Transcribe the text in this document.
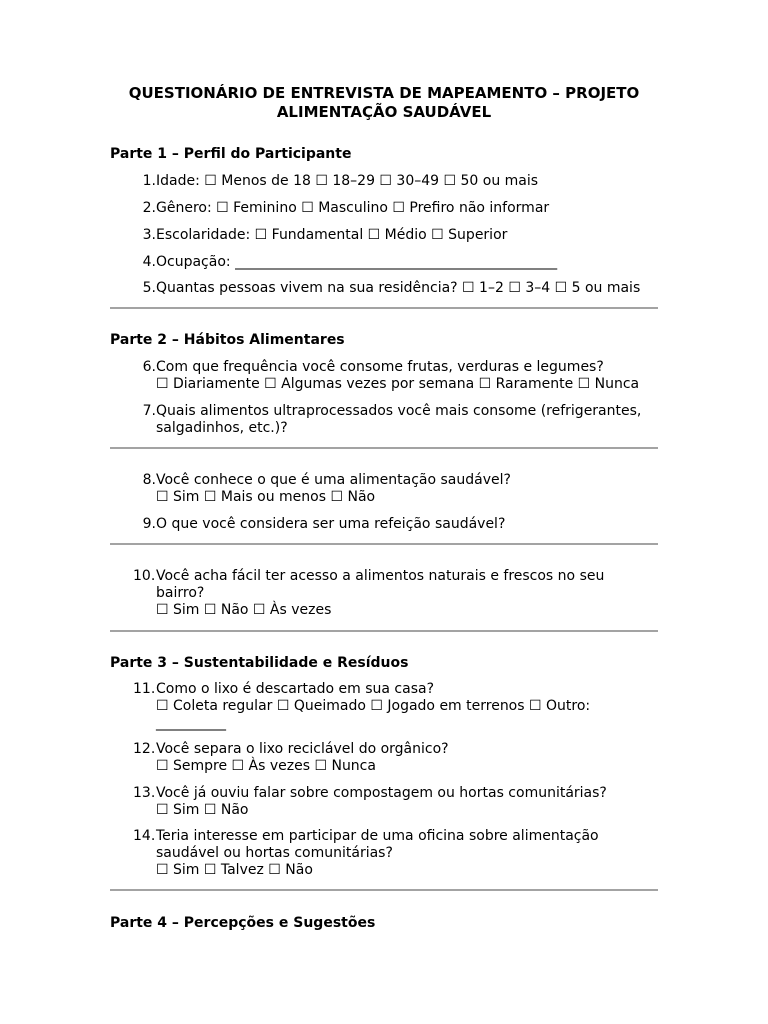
QUESTIONÁRIO DE ENTREVISTA DE MAPEAMENTO – PROJETO
ALIMENTAÇÃO SAUDÁVEL
Parte 1 – Perfil do Participante
1. Idade: ☐ Menos de 18 ☐ 18–29 ☐ 30–49 ☐ 50 ou mais
2. Gênero: ☐ Feminino ☐ Masculino ☐ Prefiro não informar
3. Escolaridade: ☐ Fundamental ☐ Médio ☐ Superior
4. Ocupação: ______________________________________________
5. Quantas pessoas vivem na sua residência? ☐ 1–2 ☐ 3–4 ☐ 5 ou mais
Parte 2 – Hábitos Alimentares
6. Com que frequência você consome frutas, verduras e legumes?
☐ Diariamente ☐ Algumas vezes por semana ☐ Raramente ☐ Nunca
7. Quais alimentos ultraprocessados você mais consome (refrigerantes,
salgadinhos, etc.)?
8. Você conhece o que é uma alimentação saudável?
☐ Sim ☐ Mais ou menos ☐ Não
9. O que você considera ser uma refeição saudável?
10. Você acha fácil ter acesso a alimentos naturais e frescos no seu
bairro?
☐ Sim ☐ Não ☐ Às vezes
Parte 3 – Sustentabilidade e Resíduos
11. Como o lixo é descartado em sua casa?
☐ Coleta regular ☐ Queimado ☐ Jogado em terrenos ☐ Outro:
__________
12. Você separa o lixo reciclável do orgânico?
☐ Sempre ☐ Às vezes ☐ Nunca
13. Você já ouviu falar sobre compostagem ou hortas comunitárias?
☐ Sim ☐ Não
14. Teria interesse em participar de uma oficina sobre alimentação
saudável ou hortas comunitárias?
☐ Sim ☐ Talvez ☐ Não
Parte 4 – Percepções e Sugestões
